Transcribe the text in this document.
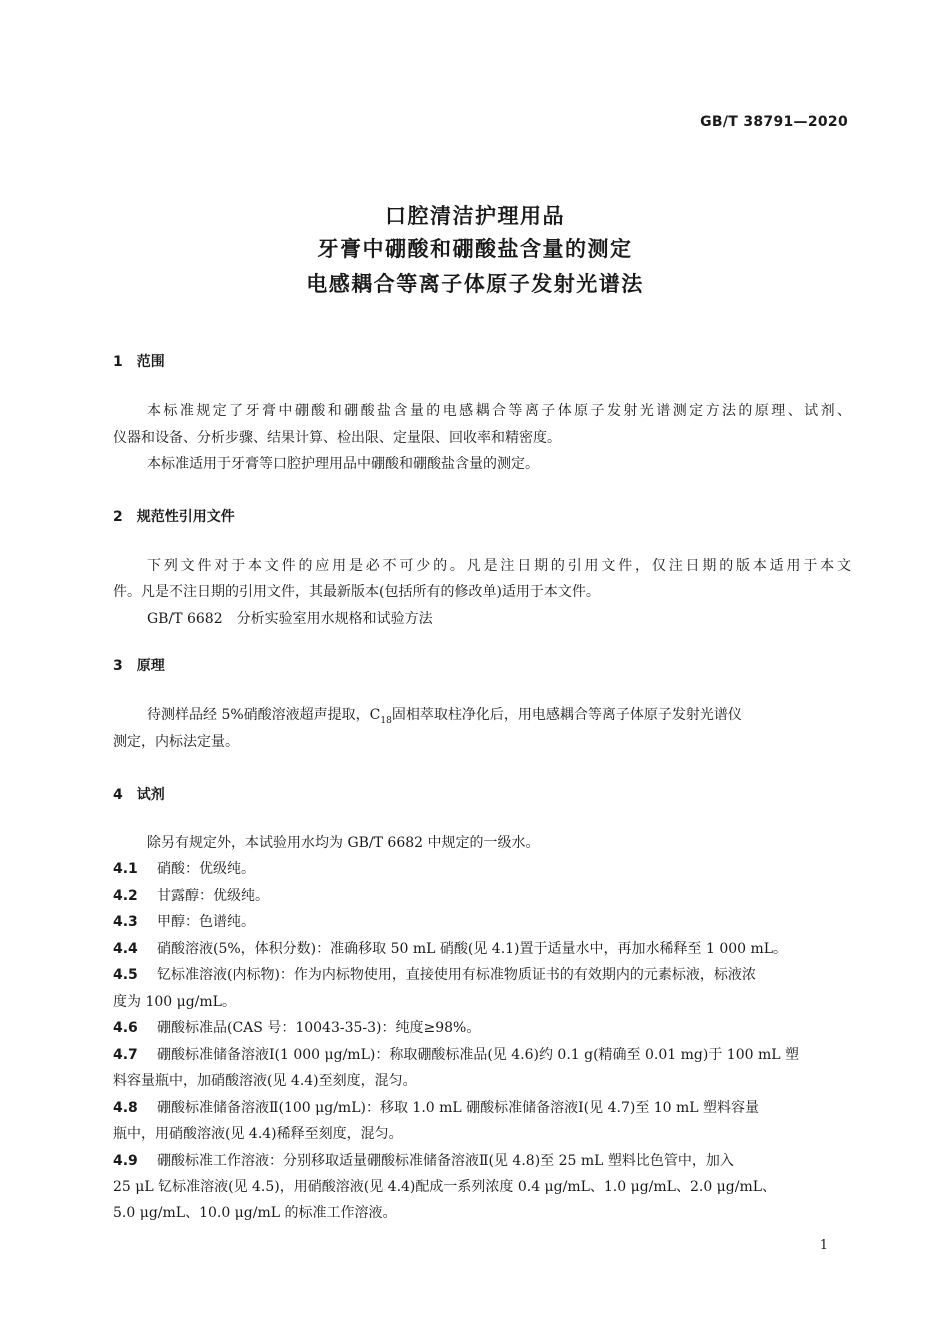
GB/T 38791—2020
口腔清洁护理用品
牙膏中硼酸和硼酸盐含量的测定
电感耦合等离子体原子发射光谱法
1 范围
本标准规定了牙膏中硼酸和硼酸盐含量的电感耦合等离子体原子发射光谱测定方法的原理、试剂、
仪器和设备、分析步骤、结果计算、检出限、定量限、回收率和精密度。
本标准适用于牙膏等口腔护理用品中硼酸和硼酸盐含量的测定。
2 规范性引用文件
下列文件对于本文件的应用是必不可少的。凡是注日期的引用文件，仅注日期的版本适用于本文
件。凡是不注日期的引用文件，其最新版本(包括所有的修改单)适用于本文件。
GB/T 6682　分析实验室用水规格和试验方法
3 原理
待测样品经 5%硝酸溶液超声提取，$C_{18}$固相萃取柱净化后，用电感耦合等离子体原子发射光谱仪
测定，内标法定量。
4 试剂
除另有规定外，本试验用水均为 GB/T 6682 中规定的一级水。
4.1 硝酸：优级纯。
4.2 甘露醇：优级纯。
4.3 甲醇：色谱纯。
4.4 硝酸溶液(5%，体积分数)：准确移取 50 mL 硝酸(见 4.1)置于适量水中，再加水稀释至 1 000 mL。
4.5 钇标准溶液(内标物)：作为内标物使用，直接使用有标准物质证书的有效期内的元素标液，标液浓
度为 100 μg/mL。
4.6 硼酸标准品(CAS 号：10043-35-3)：纯度≥98%。
4.7 硼酸标准储备溶液Ⅰ(1 000 μg/mL)：称取硼酸标准品(见 4.6)约 0.1 g(精确至 0.01 mg)于 100 mL 塑
料容量瓶中，加硝酸溶液(见 4.4)至刻度，混匀。
4.8 硼酸标准储备溶液Ⅱ(100 μg/mL)：移取 1.0 mL 硼酸标准储备溶液Ⅰ(见 4.7)至 10 mL 塑料容量
瓶中，用硝酸溶液(见 4.4)稀释至刻度，混匀。
4.9 硼酸标准工作溶液：分别移取适量硼酸标准储备溶液Ⅱ(见 4.8)至 25 mL 塑料比色管中，加入
25 μL 钇标准溶液(见 4.5)，用硝酸溶液(见 4.4)配成一系列浓度 0.4 μg/mL、1.0 μg/mL、2.0 μg/mL、
5.0 μg/mL、10.0 μg/mL 的标准工作溶液。
1
